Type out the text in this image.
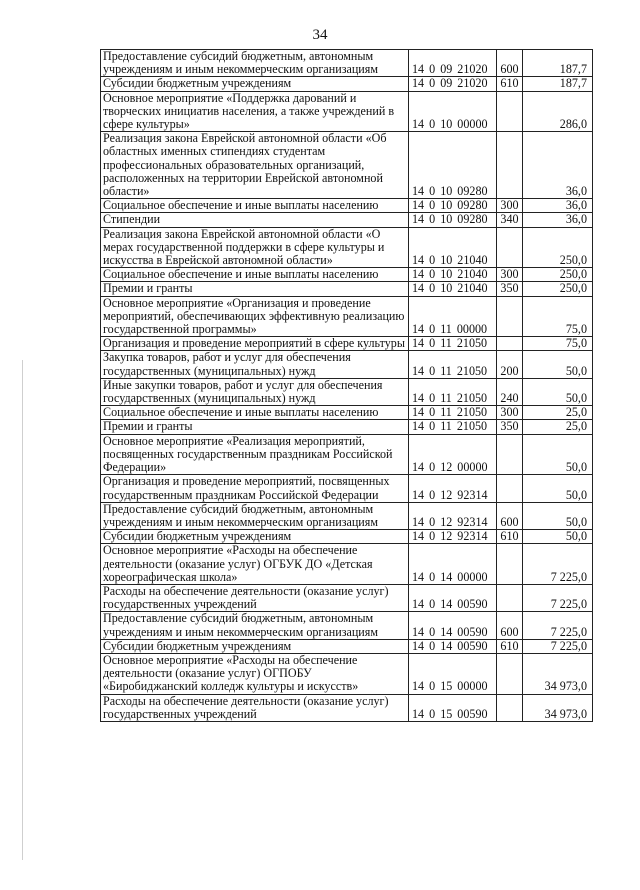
34
Предоставление субсидий бюджетным, автономным учреждениям и иным некоммерческим организациям	14 0 09 21020	600	187,7
Субсидии бюджетным учреждениям	14 0 09 21020	610	187,7
Основное мероприятие «Поддержка дарований и творческих инициатив населения, а также учреждений в сфере культуры»	14 0 10 00000		286,0
Реализация закона Еврейской автономной области «Об областных именных стипендиях студентам профессиональных образовательных организаций, расположенных на территории Еврейской автономной области»	14 0 10 09280		36,0
Социальное обеспечение и иные выплаты населению	14 0 10 09280	300	36,0
Стипендии	14 0 10 09280	340	36,0
Реализация закона Еврейской автономной области «О мерах государственной поддержки в сфере культуры и искусства в Еврейской автономной области»	14 0 10 21040		250,0
Социальное обеспечение и иные выплаты населению	14 0 10 21040	300	250,0
Премии и гранты	14 0 10 21040	350	250,0
Основное мероприятие «Организация и проведение мероприятий, обеспечивающих эффективную реализацию государственной программы»	14 0 11 00000		75,0
Организация и проведение мероприятий в сфере культуры	14 0 11 21050		75,0
Закупка товаров, работ и услуг для обеспечения государственных (муниципальных) нужд	14 0 11 21050	200	50,0
Иные закупки товаров, работ и услуг для обеспечения государственных (муниципальных) нужд	14 0 11 21050	240	50,0
Социальное обеспечение и иные выплаты населению	14 0 11 21050	300	25,0
Премии и гранты	14 0 11 21050	350	25,0
Основное мероприятие «Реализация мероприятий, посвященных государственным праздникам Российской Федерации»	14 0 12 00000		50,0
Организация и проведение мероприятий, посвященных государственным праздникам Российской Федерации	14 0 12 92314		50,0
Предоставление субсидий бюджетным, автономным учреждениям и иным некоммерческим организациям	14 0 12 92314	600	50,0
Субсидии бюджетным учреждениям	14 0 12 92314	610	50,0
Основное мероприятие «Расходы на обеспечение деятельности (оказание услуг) ОГБУК ДО «Детская хореографическая школа»	14 0 14 00000		7 225,0
Расходы на обеспечение деятельности (оказание услуг) государственных учреждений	14 0 14 00590		7 225,0
Предоставление субсидий бюджетным, автономным учреждениям и иным некоммерческим организациям	14 0 14 00590	600	7 225,0
Субсидии бюджетным учреждениям	14 0 14 00590	610	7 225,0
Основное мероприятие «Расходы на обеспечение деятельности (оказание услуг) ОГПОБУ «Биробиджанский колледж культуры и искусств»	14 0 15 00000		34 973,0
Расходы на обеспечение деятельности (оказание услуг) государственных учреждений	14 0 15 00590		34 973,0
